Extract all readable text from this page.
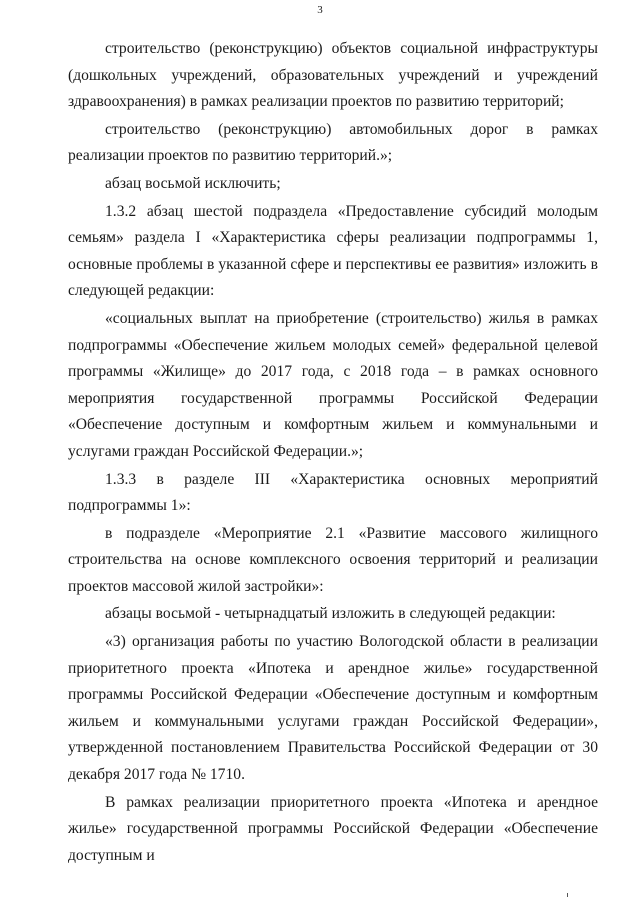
3

строительство (реконструкцию) объектов социальной инфраструктуры (дошкольных учреждений, образовательных учреждений и учреждений здравоохранения) в рамках реализации проектов по развитию территорий;

строительство (реконструкцию) автомобильных дорог в рамках реализации проектов по развитию территорий.»;

абзац восьмой исключить;

1.3.2 абзац шестой подраздела «Предоставление субсидий молодым семьям» раздела I «Характеристика сферы реализации подпрограммы 1, основные проблемы в указанной сфере и перспективы ее развития» изложить в следующей редакции:

«социальных выплат на приобретение (строительство) жилья в рамках подпрограммы «Обеспечение жильем молодых семей» федеральной целевой программы «Жилище» до 2017 года, с 2018 года – в рамках основного мероприятия государственной программы Российской Федерации «Обеспечение доступным и комфортным жильем и коммунальными и услугами граждан Российской Федерации.»;

1.3.3 в разделе III «Характеристика основных мероприятий подпрограммы 1»:

в подразделе «Мероприятие 2.1 «Развитие массового жилищного строительства на основе комплексного освоения территорий и реализации проектов массовой жилой застройки»:

абзацы восьмой - четырнадцатый изложить в следующей редакции:

«3) организация работы по участию Вологодской области в реализации приоритетного проекта «Ипотека и арендное жилье» государственной программы Российской Федерации «Обеспечение доступным и комфортным жильем и коммунальными услугами граждан Российской Федерации», утвержденной постановлением Правительства Российской Федерации от 30 декабря 2017 года № 1710.

В рамках реализации приоритетного проекта «Ипотека и арендное жилье» государственной программы Российской Федерации «Обеспечение доступным и
